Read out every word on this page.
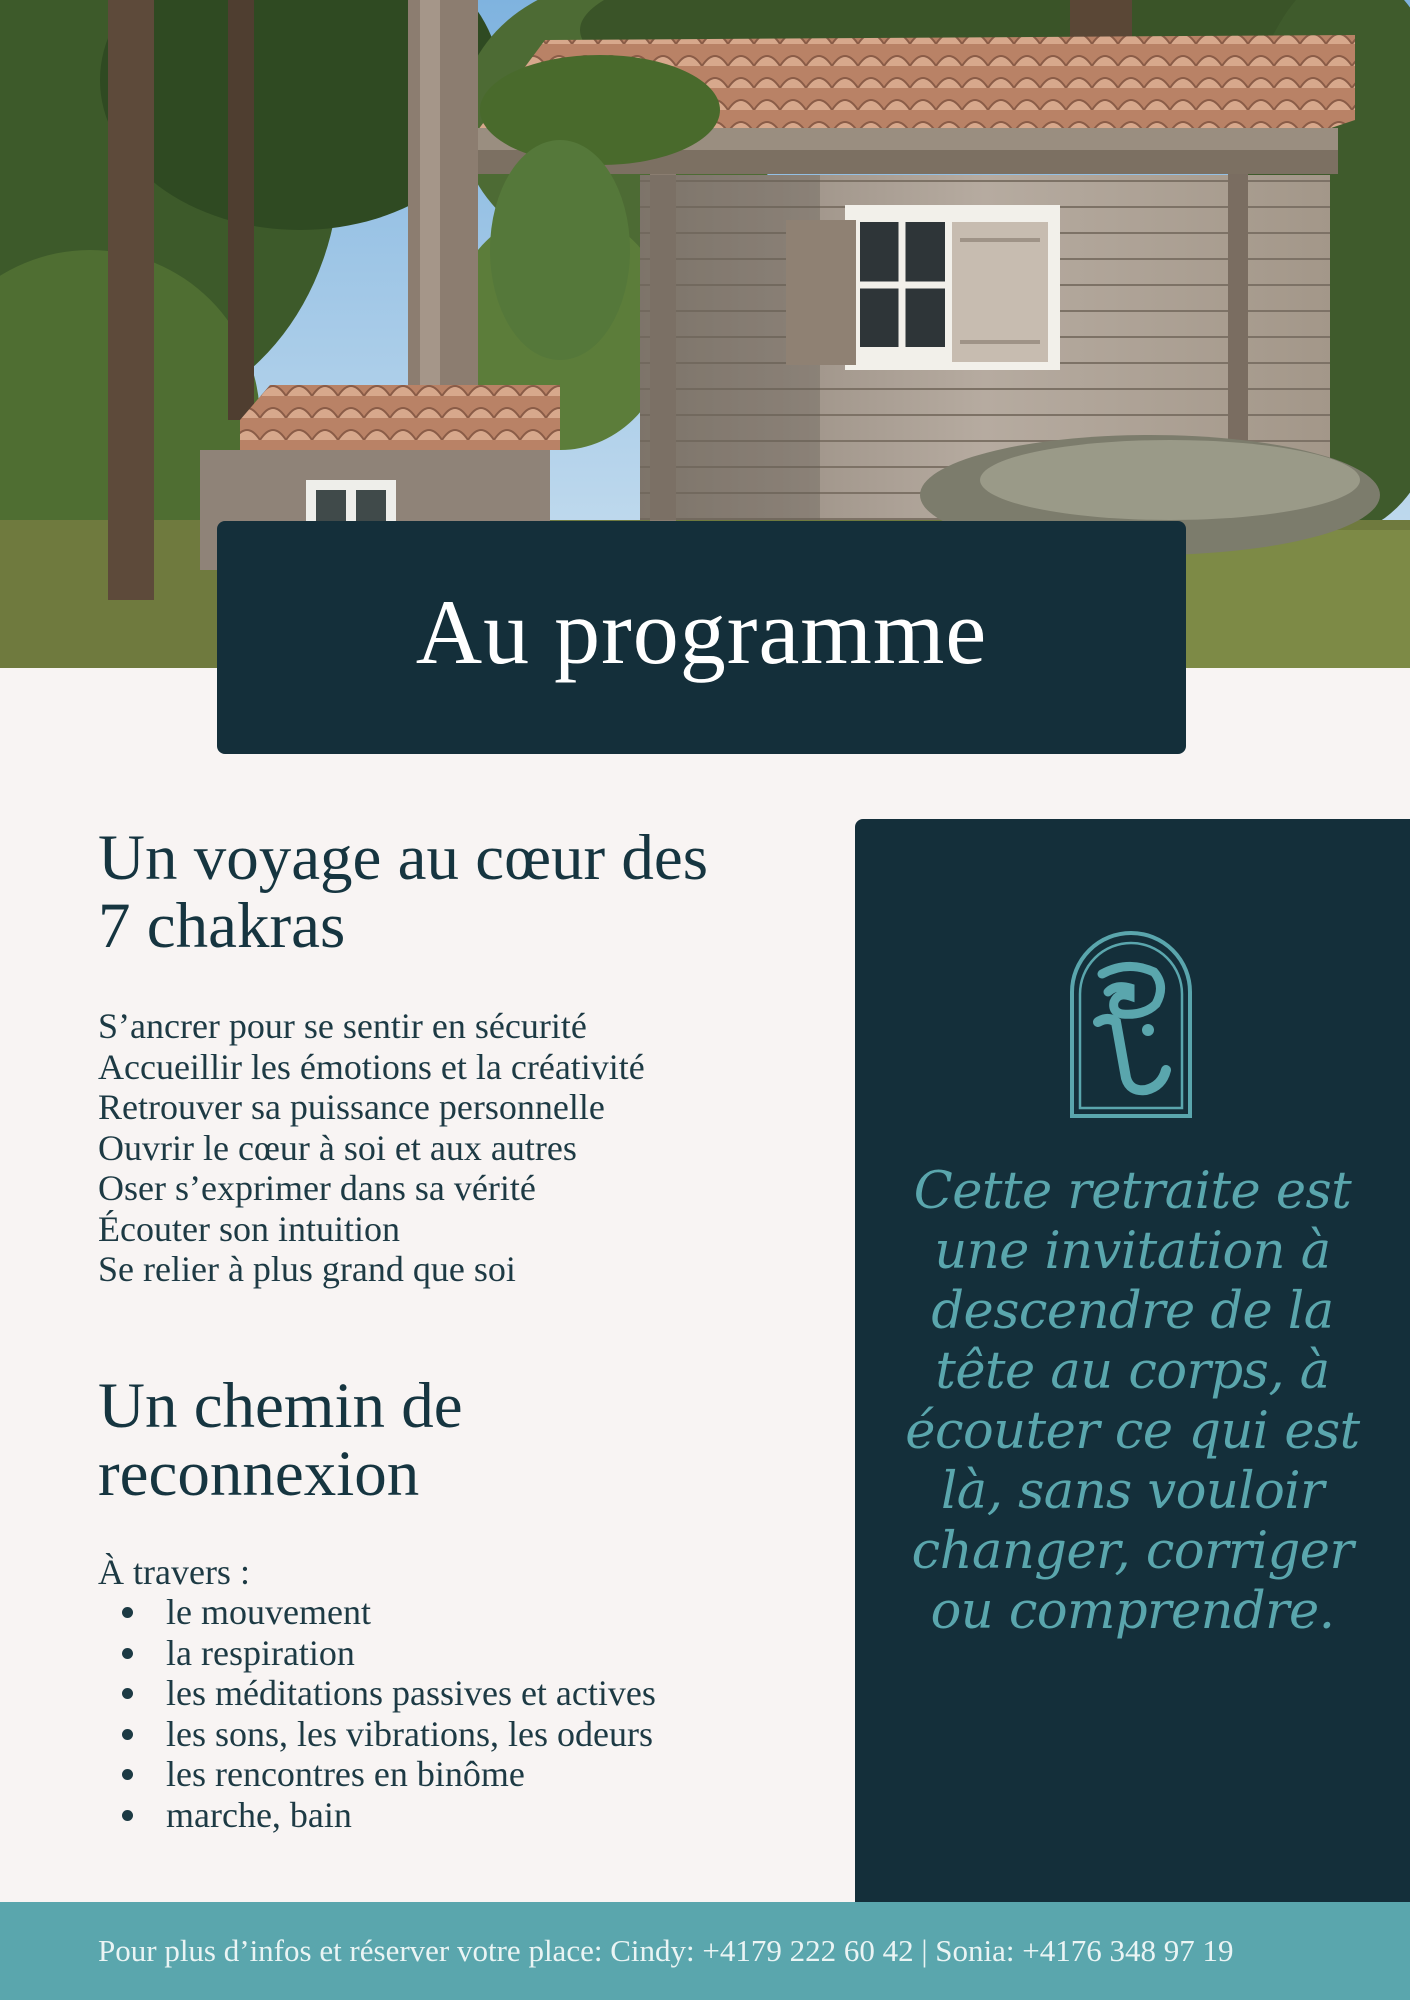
Au programme
Un voyage au cœur des
7 chakras
S’ancrer pour se sentir en sécurité
Accueillir les émotions et la créativité
Retrouver sa puissance personnelle
Ouvrir le cœur à soi et aux autres
Oser s’exprimer dans sa vérité
Écouter son intuition
Se relier à plus grand que soi
Un chemin de
reconnexion

À travers :

le mouvement
la respiration
les méditations passives et actives
les sons, les vibrations, les odeurs
les rencontres en binôme
marche, bain

Cette retraite est une invitation à descendre de la tête au corps, à écouter ce qui est là, sans vouloir changer, corriger ou comprendre.

Pour plus d’infos et réserver votre place: Cindy: +4179 222 60 42 | Sonia: +4176 348 97 19
